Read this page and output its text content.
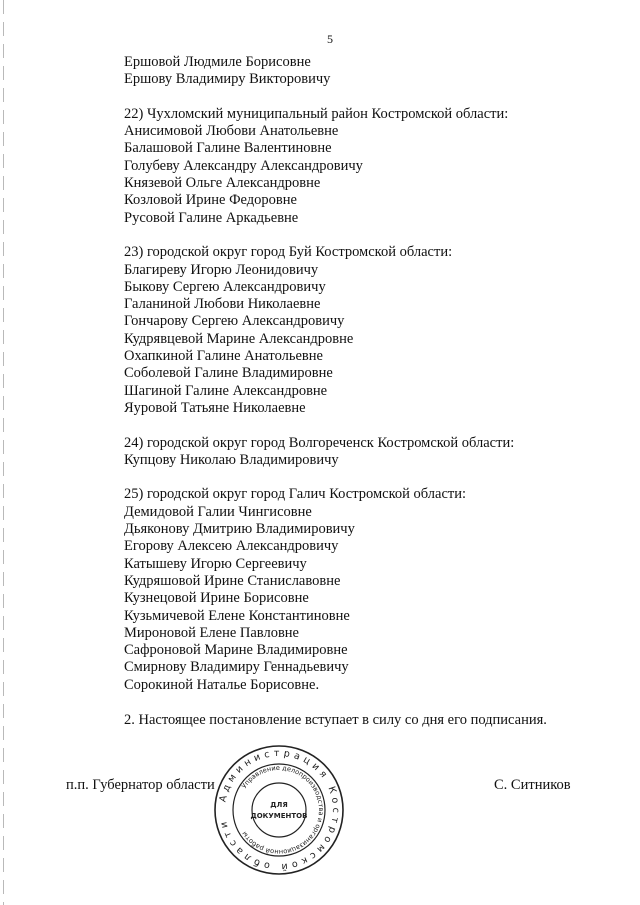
5
Ершовой Людмиле Борисовне
Ершову Владимиру Викторовичу
22) Чухломский муниципальный район Костромской области:
Анисимовой Любови Анатольевне
Балашовой Галине Валентиновне
Голубеву Александру Александровичу
Князевой Ольге Александровне
Козловой Ирине Федоровне
Русовой Галине Аркадьевне
23) городской округ город Буй Костромской области:
Благиреву Игорю Леонидовичу
Быкову Сергею Александровичу
Галаниной Любови Николаевне
Гончарову Сергею Александровичу
Кудрявцевой Марине Александровне
Охапкиной Галине Анатольевне
Соболевой Галине Владимировне
Шагиной Галине Александровне
Яуровой Татьяне Николаевне
24) городской округ город Волгореченск Костромской области:
Купцову Николаю Владимировичу
25) городской округ город Галич Костромской области:
Демидовой Галии Чингисовне
Дьяконову Дмитрию Владимировичу
Егорову Алексею Александровичу
Катышеву Игорю Сергеевичу
Кудряшовой Ирине Станиславовне
Кузнецовой Ирине Борисовне
Кузьмичевой Елене Константиновне
Мироновой Елене Павловне
Сафроновой Марине Владимировне
Смирнову Владимиру Геннадьевичу
Сорокиной Наталье Борисовне.
2. Настоящее постановление вступает в силу со дня его подписания.
п.п. Губернатор области	С. Ситников
Администрация Костромской области
Управление делопроизводства и организационной работы
ДЛЯ
ДОКУМЕНТОВ
